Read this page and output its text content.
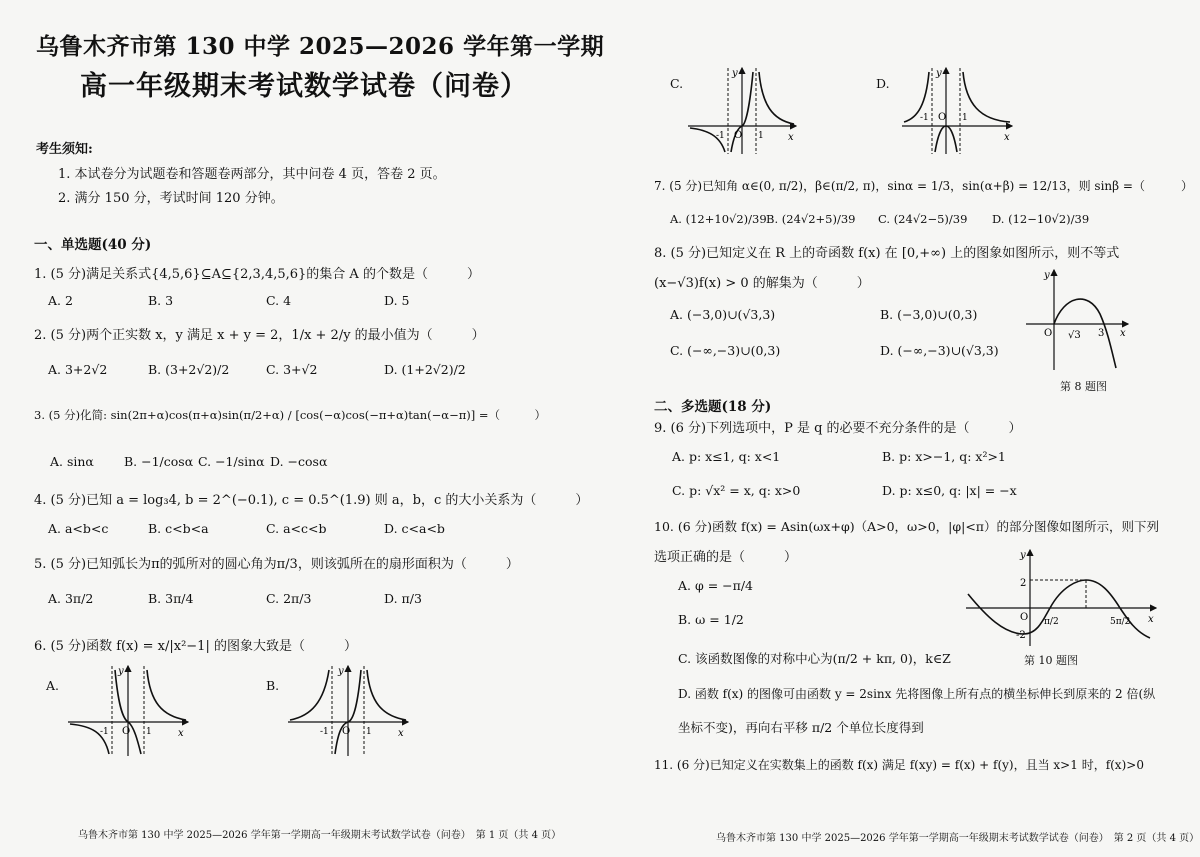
乌鲁木齐市第 130 中学 2025—2026 学年第一学期
高一年级期末考试数学试卷（问卷）
考生须知:
1. 本试卷分为试题卷和答题卷两部分，其中问卷 4 页，答卷 2 页。
2. 满分 150 分，考试时间 120 分钟。
一、单选题(40 分)
1. (5 分)满足关系式{4,5,6}⊆A⊆{2,3,4,5,6}的集合 A 的个数是（　　　）
A. 2	B. 3	C. 4	D. 5
2. (5 分)两个正实数 x，y 满足 x + y = 2，1/x + 2/y 的最小值为（　　　）
A. 3+2√2	B. (3+2√2)/2	C. 3+√2	D. (1+2√2)/2
3. (5 分)化简: sin(2π+α)cos(π+α)sin(π/2+α) / [cos(−α)cos(−π+α)tan(−α−π)] =（　　　）
A. sinα B. −1/cosα C. −1/sinα D. −cosα
4. (5 分)已知 a = log₃4, b = 2^(−0.1), c = 0.5^(1.9) 则 a，b，c 的大小关系为（　　　）
A. a<b<c	B. c<b<a	C. a<c<b	D. c<a<b
5. (5 分)已知弧长为π的弧所对的圆心角为π/3，则该弧所在的扇形面积为（　　　）
A. 3π/2	B. 3π/4	C. 2π/3	D. π/3
6. (5 分)函数 f(x) = x/|x²−1| 的图象大致是（　　　）
A.	B.
y
x
O
-1	1
y
x
O
-1	1
乌鲁木齐市第 130 中学 2025—2026 学年第一学期高一年级期末考试数学试卷（问卷）　第 1 页（共 4 页）
C.	D.
y
x
O
-1	1
y
x
O
-1	1
7. (5 分)已知角 α∈(0, π/2)，β∈(π/2, π)，sinα = 1/3，sin(α+β) = 12/13，则 sinβ =（　　　）
A. (12+10√2)/39 B. (24√2+5)/39 C. (24√2−5)/39 D. (12−10√2)/39
8. (5 分)已知定义在 R 上的奇函数 f(x) 在 [0,+∞) 上的图象如图所示，则不等式
(x−√3)f(x) > 0 的解集为（　　　）
A. (−3,0)∪(√3,3)	B. (−3,0)∪(0,3)
C. (−∞,−3)∪(0,3)	D. (−∞,−3)∪(√3,3)
y
x
O √3 3
第 8 题图
二、多选题(18 分)
9. (6 分)下列选项中，P 是 q 的必要不充分条件的是（　　　）
A. p: x≤1, q: x<1	B. p: x>−1, q: x²>1
C. p: √x² = x, q: x>0	D. p: x≤0, q: |x| = −x
10. (6 分)函数 f(x) = Asin(ωx+φ)（A>0，ω>0，|φ|<π）的部分图像如图所示，则下列
选项正确的是（　　　）
A. φ = −π/4
B. ω = 1/2
C. 该函数图像的对称中心为(π/2 + kπ, 0)，k∈Z
D. 函数 f(x) 的图像可由函数 y = 2sinx 先将图像上所有点的横坐标伸长到原来的 2 倍(纵
坐标不变)，再向右平移 π/2 个单位长度得到
y
x
O
2
-2
π/2	5π/2
第 10 题图
11. (6 分)已知定义在实数集上的函数 f(x) 满足 f(xy) = f(x) + f(y)，且当 x>1 时，f(x)>0
乌鲁木齐市第 130 中学 2025—2026 学年第一学期高一年级期末考试数学试卷（问卷）　第 2 页（共 4 页）
